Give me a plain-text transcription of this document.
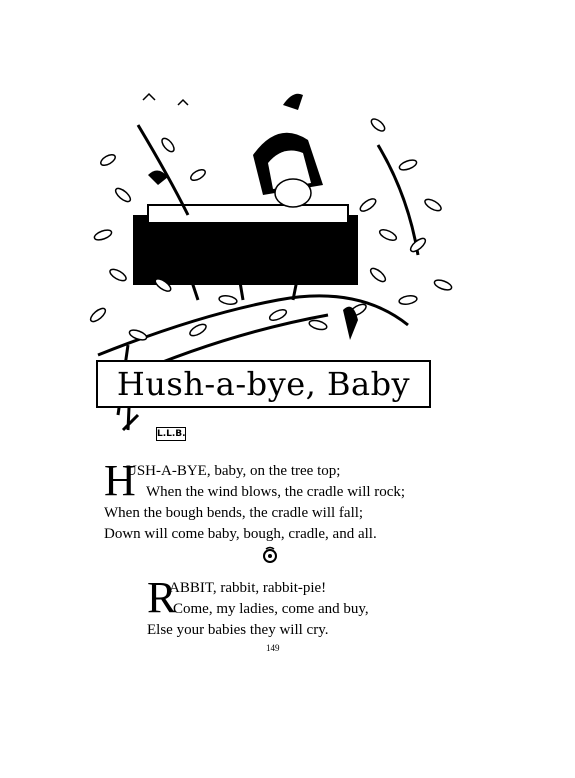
Hush-a-bye, Baby
L.L.B.
H
USH-A-BYE, baby, on the tree top;
When the wind blows, the cradle will rock;
When the bough bends, the cradle will fall;
Down will come baby, bough, cradle, and all.
R
ABBIT, rabbit, rabbit-pie!
Come, my ladies, come and buy,
Else your babies they will cry.
149
